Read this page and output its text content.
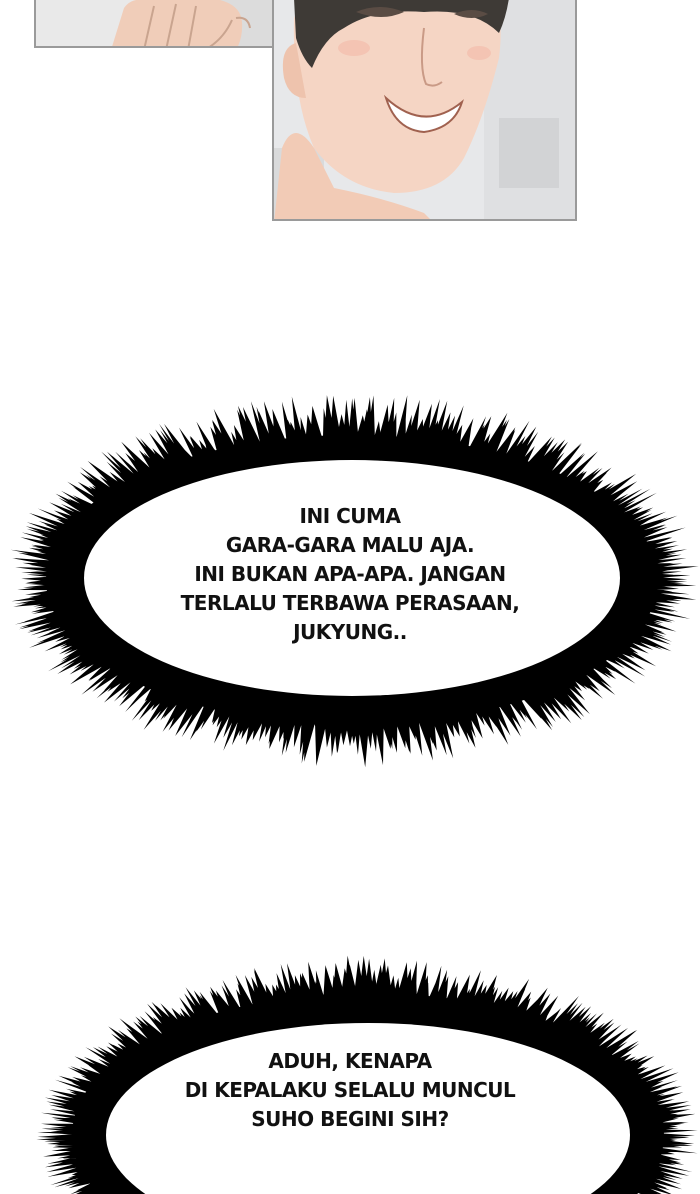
INI CUMA
GARA-GARA MALU AJA.
INI BUKAN APA-APA. JANGAN
TERLALU TERBAWA PERASAAN,
JUKYUNG..
ADUH, KENAPA
DI KEPALAKU SELALU MUNCUL
SUHO BEGINI SIH?
